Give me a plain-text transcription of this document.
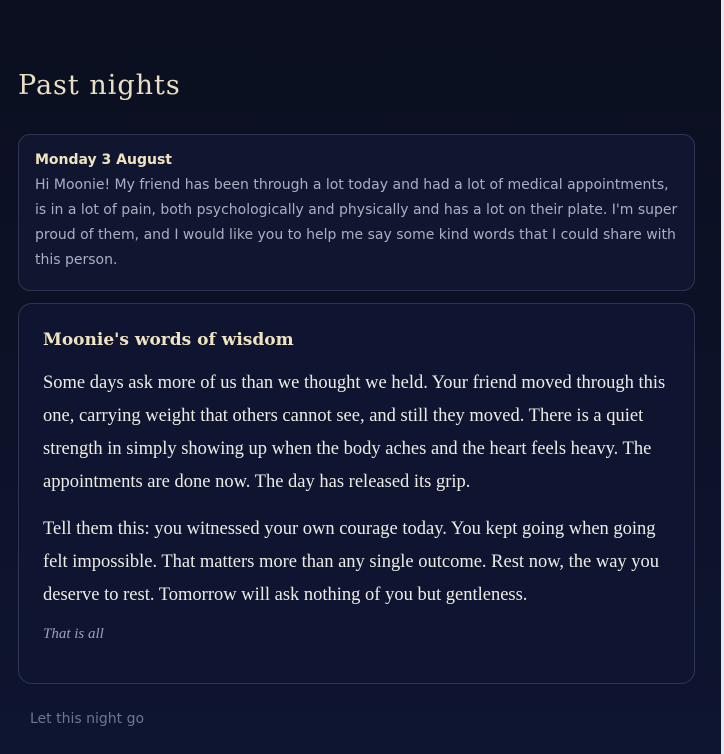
Past nights
Monday 3 August

Hi Moonie! My friend has been through a lot today and had a lot of medical appointments, is in a lot of pain, both psychologically and physically and has a lot on their plate. I'm super proud of them, and I would like you to help me say some kind words that I could share with this person.

Moonie's words of wisdom

Some days ask more of us than we thought we held. Your friend moved through this one, carrying weight that others cannot see, and still they moved. There is a quiet strength in simply showing up when the body aches and the heart feels heavy. The appointments are done now. The day has released its grip.

Tell them this: you witnessed your own courage today. You kept going when going felt impossible. That matters more than any single outcome. Rest now, the way you deserve to rest. Tomorrow will ask nothing of you but gentleness.

That is all

Let this night go
